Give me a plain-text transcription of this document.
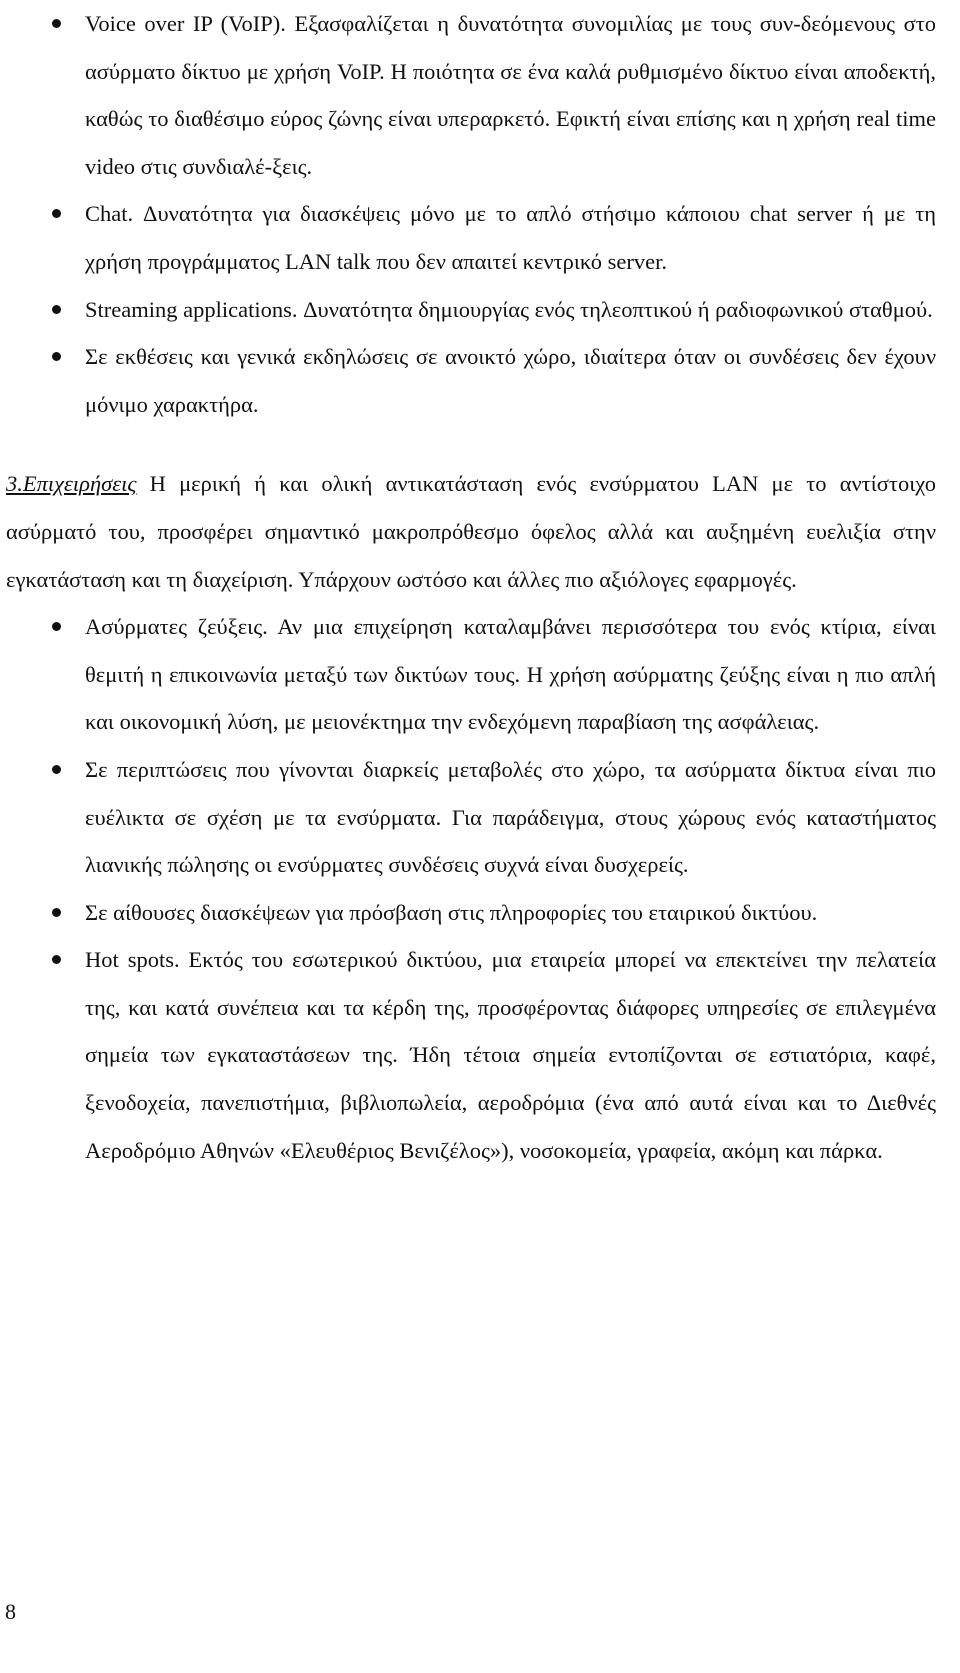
Voice over IP (VoIP). Εξασφαλίζεται η δυνατότητα συνομιλίας με τους συν-δεόμενους στο ασύρματο δίκτυο με χρήση VoIP. Η ποιότητα σε ένα καλά ρυθμισμένο δίκτυο είναι αποδεκτή, καθώς το διαθέσιμο εύρος ζώνης είναι υπεραρκετό. Εφικτή είναι επίσης και η χρήση real time video στις συνδιαλέ-ξεις.
Chat. Δυνατότητα για διασκέψεις μόνο με το απλό στήσιμο κάποιου chat server ή με τη χρήση προγράμματος LAN talk που δεν απαιτεί κεντρικό server.
Streaming applications. Δυνατότητα δημιουργίας ενός τηλεοπτικού ή ραδιοφωνικού σταθμού.
Σε εκθέσεις και γενικά εκδηλώσεις σε ανοικτό χώρο, ιδιαίτερα όταν οι συνδέσεις δεν έχουν μόνιμο χαρακτήρα.

3.Επιχειρήσεις Η μερική ή και ολική αντικατάσταση ενός ενσύρματου LAN με το αντίστοιχο ασύρματό του, προσφέρει σημαντικό μακροπρόθεσμο όφελος αλλά και αυξημένη ευελιξία στην εγκατάσταση και τη διαχείριση. Υπάρχουν ωστόσο και άλλες πιο αξιόλογες εφαρμογές.

Ασύρματες ζεύξεις. Αν μια επιχείρηση καταλαμβάνει περισσότερα του ενός κτίρια, είναι θεμιτή η επικοινωνία μεταξύ των δικτύων τους. Η χρήση ασύρματης ζεύξης είναι η πιο απλή και οικονομική λύση, με μειονέκτημα την ενδεχόμενη παραβίαση της ασφάλειας.
Σε περιπτώσεις που γίνονται διαρκείς μεταβολές στο χώρο, τα ασύρματα δίκτυα είναι πιο ευέλικτα σε σχέση με τα ενσύρματα. Για παράδειγμα, στους χώρους ενός καταστήματος λιανικής πώλησης οι ενσύρματες συνδέσεις συχνά είναι δυσχερείς.
Σε αίθουσες διασκέψεων για πρόσβαση στις πληροφορίες του εταιρικού δικτύου.
Hot spots. Εκτός του εσωτερικού δικτύου, μια εταιρεία μπορεί να επεκτείνει την πελατεία της, και κατά συνέπεια και τα κέρδη της, προσφέροντας διάφορες υπηρεσίες σε επιλεγμένα σημεία των εγκαταστάσεων της. Ήδη τέτοια σημεία εντοπίζονται σε εστιατόρια, καφέ, ξενοδοχεία, πανεπιστήμια, βιβλιοπωλεία, αεροδρόμια (ένα από αυτά είναι και το Διεθνές Αεροδρόμιο Αθηνών «Ελευθέριος Βενιζέλος»), νοσοκομεία, γραφεία, ακόμη και πάρκα.
8
